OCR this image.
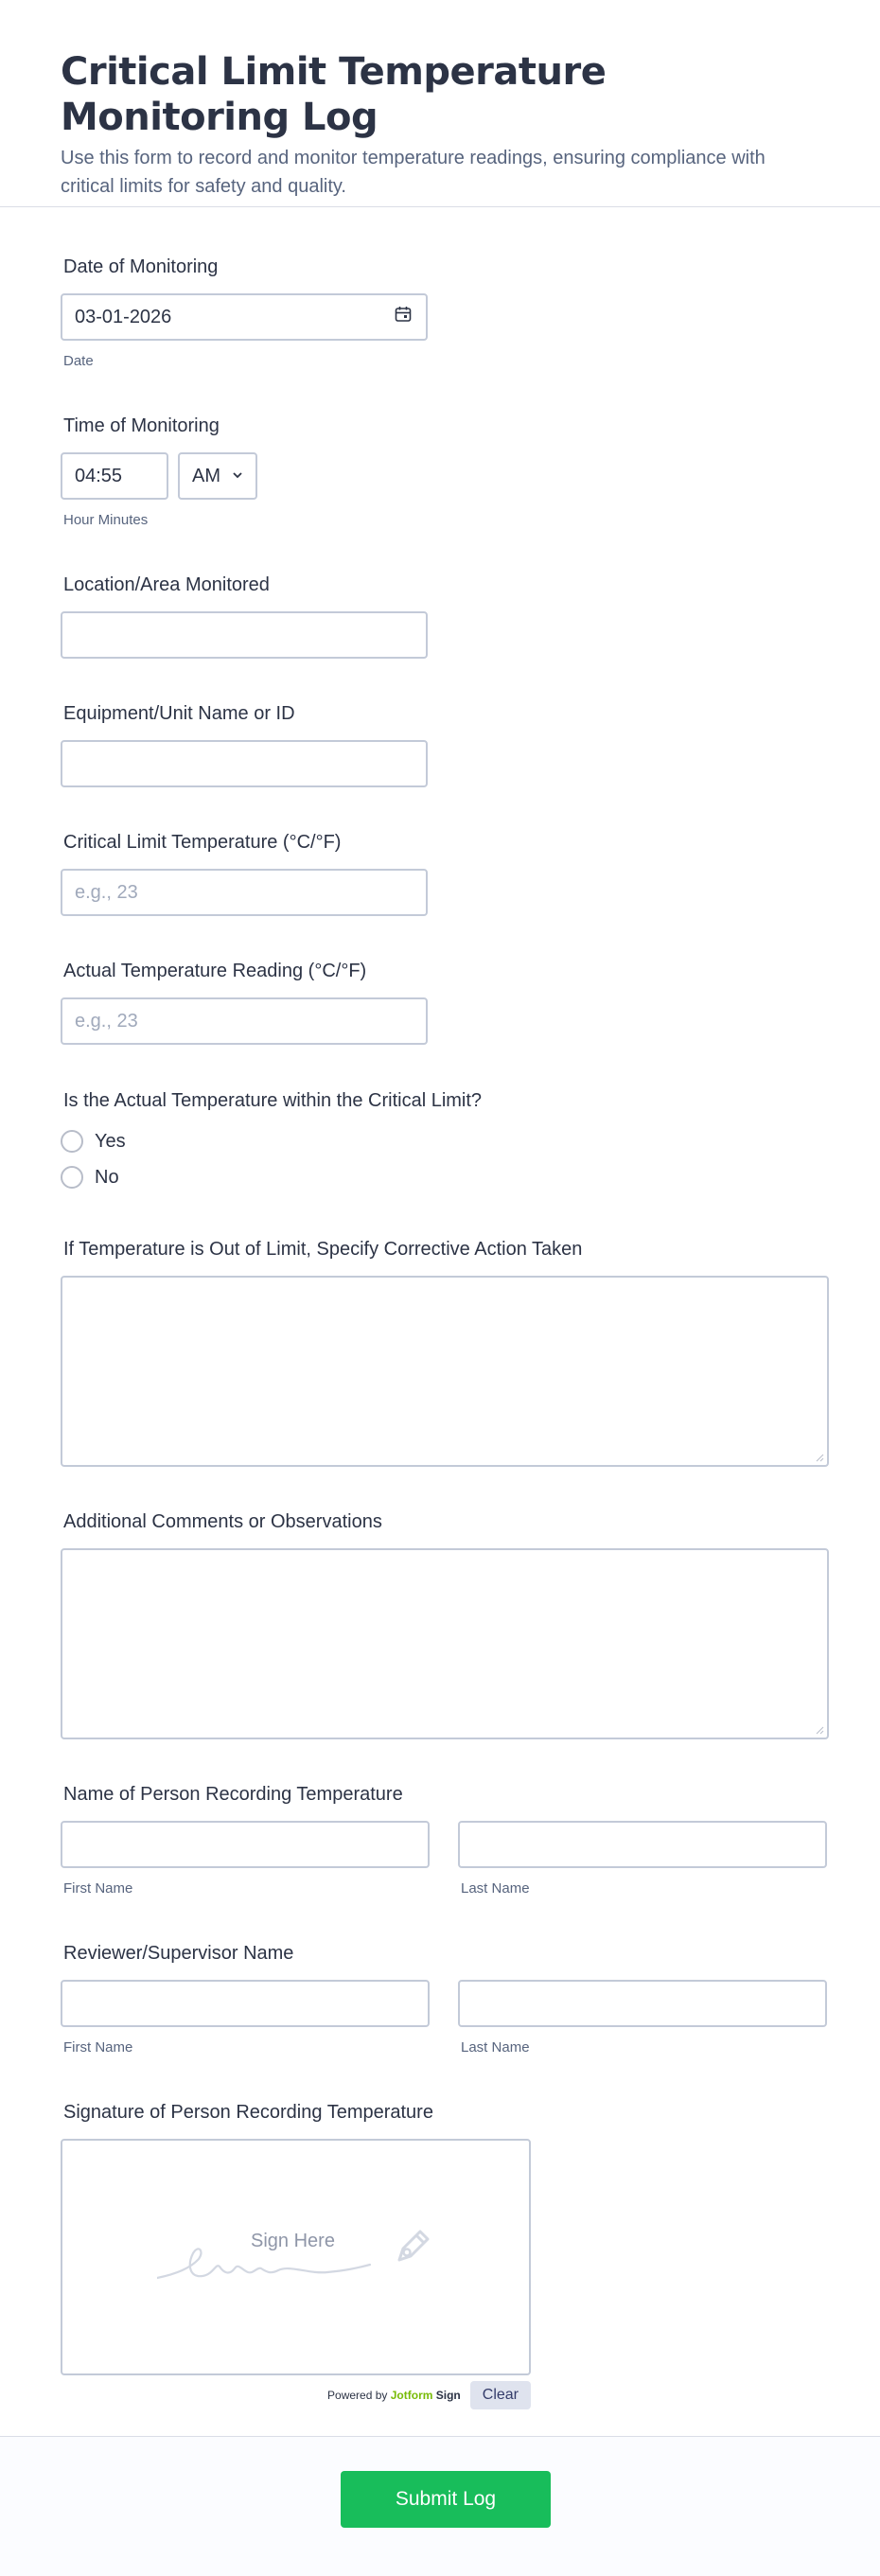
Critical Limit Temperature Monitoring Log

Use this form to record and monitor temperature readings, ensuring compliance with critical limits for safety and quality.

Date of Monitoring
03-01-2026
Date
Time of Monitoring
04:55	AM
Hour Minutes
Location/Area Monitored
Equipment/Unit Name or ID
Critical Limit Temperature (°C/°F)
e.g., 23
Actual Temperature Reading (°C/°F)
e.g., 23
Is the Actual Temperature within the Critical Limit?
Yes
No
If Temperature is Out of Limit, Specify Corrective Action Taken
Additional Comments or Observations
Name of Person Recording Temperature
First Name	Last Name
Reviewer/Supervisor Name
First Name	Last Name
Signature of Person Recording Temperature
Sign Here
Powered by Jotform Sign	Clear
Submit Log
